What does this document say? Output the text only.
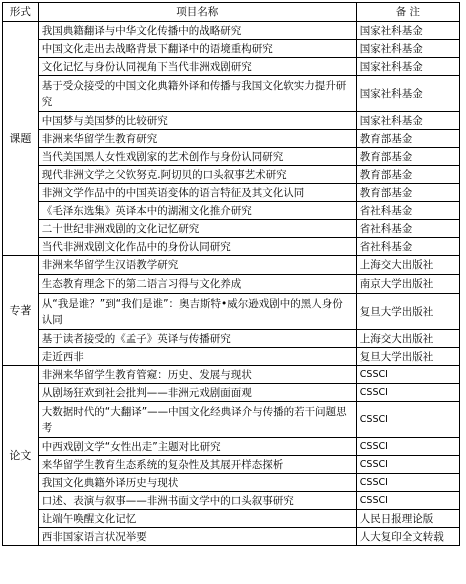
形式	项目名称	备 注
课题	我国典籍翻译与中华文化传播中的战略研究	国家社科基金
	中国文化走出去战略背景下翻译中的语境重构研究	国家社科基金
	文化记忆与身份认同视角下当代非洲戏剧研究	国家社科基金
	基于受众接受的中国文化典籍外译和传播与我国文化软实力提升研究	国家社科基金
	中国梦与美国梦的比较研究	国家社科基金
	非洲来华留学生教育研究	教育部基金
	当代美国黑人女性戏剧家的艺术创作与身份认同研究	教育部基金
	现代非洲文学之父钦努克.阿切贝的口头叙事艺术研究	教育部基金
	非洲文学作品中的中国英语变体的语言特征及其文化认同	教育部基金
	《毛泽东选集》英译本中的湖湘文化推介研究	省社科基金
	二十世纪非洲戏剧的文化记忆研究	省社科基金
	当代非洲戏剧文化作品中的身份认同研究	省社科基金
专著	非洲来华留学生汉语教学研究	上海交大出版社
	生态教育理念下的第二语言习得与文化养成	南京大学出版社
	从“我是谁？”到“我们是谁”：奥吉斯特•威尔逊戏剧中的黑人身份认同	复旦大学出版社
	基于读者接受的《孟子》英译与传播研究	上海交大出版社
	走近西非	复旦大学出版社
论文	非洲来华留学生教育管窥：历史、发展与现状	CSSCI
	从剧场狂欢到社会批判——非洲元戏剧面面观	CSSCI
	大数据时代的“大翻译”——中国文化经典译介与传播的若干问题思考	CSSCI
	中西戏剧文学“女性出走”主题对比研究	CSSCI
	来华留学生教育生态系统的复杂性及其展开样态探析	CSSCI
	我国文化典籍外译历史与现状	CSSCI
	口述、表演与叙事——非洲书面文学中的口头叙事研究	CSSCI
	让端午唤醒文化记忆	人民日报理论版
	西非国家语言状况举要	人大复印全文转载
